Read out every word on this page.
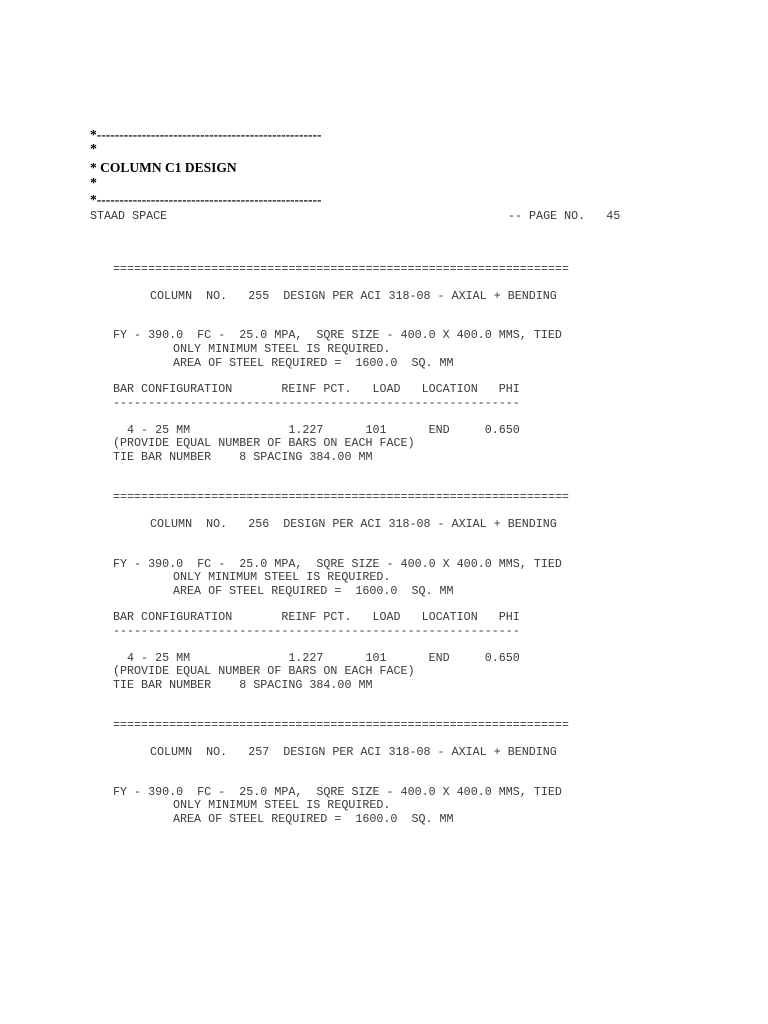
*--------------------------------------------------
*
* COLUMN C1 DESIGN
*
*--------------------------------------------------
STAAD SPACE	-- PAGE NO.   45
=================================================================
COLUMN  NO.   255  DESIGN PER ACI 318-08 - AXIAL + BENDING
FY - 390.0  FC -  25.0 MPA,  SQRE SIZE - 400.0 X 400.0 MMS, TIED
ONLY MINIMUM STEEL IS REQUIRED.
AREA OF STEEL REQUIRED =  1600.0  SQ. MM
BAR CONFIGURATION       REINF PCT.   LOAD   LOCATION   PHI
----------------------------------------------------------
4 - 25 MM              1.227      101      END     0.650
(PROVIDE EQUAL NUMBER OF BARS ON EACH FACE)
TIE BAR NUMBER    8 SPACING 384.00 MM
=================================================================
COLUMN  NO.   256  DESIGN PER ACI 318-08 - AXIAL + BENDING
FY - 390.0  FC -  25.0 MPA,  SQRE SIZE - 400.0 X 400.0 MMS, TIED
ONLY MINIMUM STEEL IS REQUIRED.
AREA OF STEEL REQUIRED =  1600.0  SQ. MM
BAR CONFIGURATION       REINF PCT.   LOAD   LOCATION   PHI
----------------------------------------------------------
4 - 25 MM              1.227      101      END     0.650
(PROVIDE EQUAL NUMBER OF BARS ON EACH FACE)
TIE BAR NUMBER    8 SPACING 384.00 MM
=================================================================
COLUMN  NO.   257  DESIGN PER ACI 318-08 - AXIAL + BENDING
FY - 390.0  FC -  25.0 MPA,  SQRE SIZE - 400.0 X 400.0 MMS, TIED
ONLY MINIMUM STEEL IS REQUIRED.
AREA OF STEEL REQUIRED =  1600.0  SQ. MM
